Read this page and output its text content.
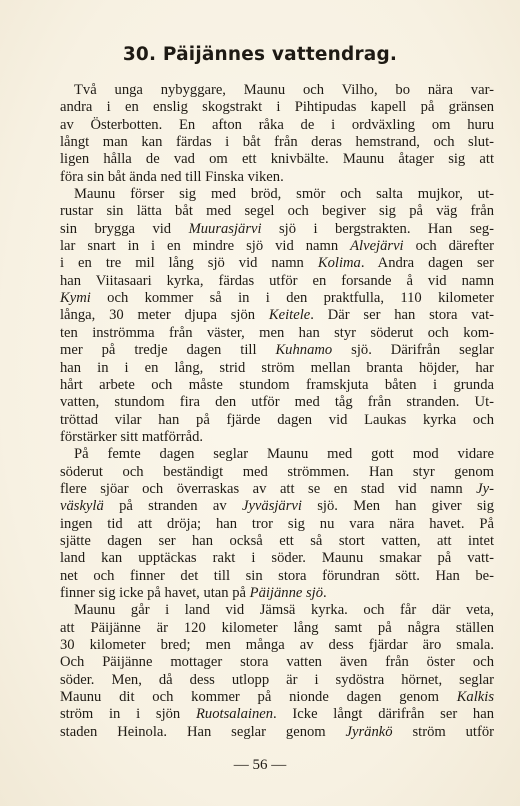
30. Päijännes vattendrag.
Två unga nybyggare, Maunu och Vilho, bo nära var-
andra i en enslig skogstrakt i Pihtipudas kapell på gränsen
av Österbotten. En afton råka de i ordväxling om huru
långt man kan färdas i båt från deras hemstrand, och slut-
ligen hålla de vad om ett knivbälte. Maunu åtager sig att
föra sin båt ända ned till Finska viken.
Maunu förser sig med bröd, smör och salta mujkor, ut-
rustar sin lätta båt med segel och begiver sig på väg från
sin brygga vid Muurasjärvi sjö i bergstrakten. Han seg-
lar snart in i en mindre sjö vid namn Alvejärvi och därefter
i en tre mil lång sjö vid namn Kolima. Andra dagen ser
han Viitasaari kyrka, färdas utför en forsande å vid namn
Kymi och kommer så in i den praktfulla, 110 kilometer
långa, 30 meter djupa sjön Keitele. Där ser han stora vat-
ten inströmma från väster, men han styr söderut och kom-
mer på tredje dagen till Kuhnamo sjö. Därifrån seglar
han in i en lång, strid ström mellan branta höjder, har
hårt arbete och måste stundom framskjuta båten i grunda
vatten, stundom fira den utför med tåg från stranden. Ut-
tröttad vilar han på fjärde dagen vid Laukas kyrka och
förstärker sitt matförråd.
På femte dagen seglar Maunu med gott mod vidare
söderut och beständigt med strömmen. Han styr genom
flere sjöar och överraskas av att se en stad vid namn Jy-
väskylä på stranden av Jyväsjärvi sjö. Men han giver sig
ingen tid att dröja; han tror sig nu vara nära havet. På
sjätte dagen ser han också ett så stort vatten, att intet
land kan upptäckas rakt i söder. Maunu smakar på vatt-
net och finner det till sin stora förundran sött. Han be-
finner sig icke på havet, utan på Päijänne sjö.
Maunu går i land vid Jämsä kyrka. och får där veta,
att Päijänne är 120 kilometer lång samt på några ställen
30 kilometer bred; men många av dess fjärdar äro smala.
Och Päijänne mottager stora vatten även från öster och
söder. Men, då dess utlopp är i sydöstra hörnet, seglar
Maunu dit och kommer på nionde dagen genom Kalkis
ström in i sjön Ruotsalainen. Icke långt därifrån ser han
staden Heinola. Han seglar genom Jyränkö ström utför
— 56 —
